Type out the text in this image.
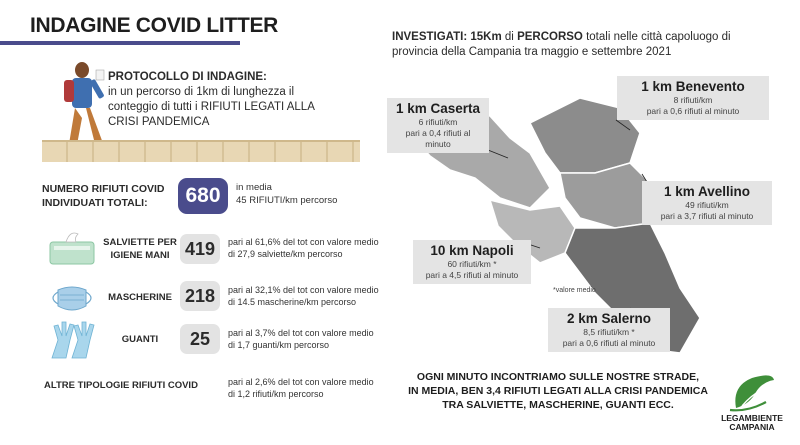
INDAGINE COVID LITTER
PROTOCOLLO DI INDAGINE:
in un percorso di 1km di lunghezza il
conteggio di tutti i RIFIUTI LEGATI ALLA
CRISI PANDEMICA
NUMERO RIFIUTI COVID
INDIVIDUATI TOTALI:	680	in media
45 RIFIUTI/km percorso
SALVIETTE PER
IGIENE MANI 419	pari al 61,6% del tot con valore medio
di 27,9 salviette/km percorso
MASCHERINE 218	pari al 32,1% del tot con valore medio
di 14.5 mascherine/km percorso
GUANTI	25	pari al 3,7% del tot con valore medio
di 1,7 guanti/km percorso
ALTRE TIPOLOGIE RIFIUTI COVID	pari al 2,6% del tot con valore medio
di 1,2 rifiuti/km percorso
INVESTIGATI: 15Km di PERCORSO totali nelle città capoluogo di
provincia della Campania tra maggio e settembre 2021
1 km Caserta
6 rifiuti/km
pari a 0,4 rifiuti al minuto
1 km Benevento
8 rifiuti/km
pari a 0,6 rifiuti al minuto
1 km Avellino
49 rifiuti/km
pari a 3,7 rifiuti al minuto
10 km Napoli
60 rifiuti/km *
pari a 4,5 rifiuti al minuto
2 km Salerno
8,5 rifiuti/km *
pari a 0,6 rifiuti al minuto
*valore medio
OGNI MINUTO INCONTRIAMO SULLE NOSTRE STRADE,
IN MEDIA, BEN 3,4 RIFIUTI LEGATI ALLA CRISI PANDEMICA
TRA SALVIETTE, MASCHERINE, GUANTI ECC.
LEGAMBIENTE
CAMPANIA
